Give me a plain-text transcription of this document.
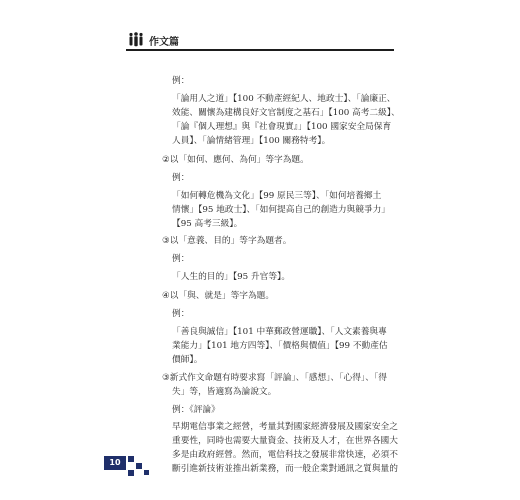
作文篇
例：
「論用人之道」【100 不動產經紀人、地政士】、「論廉正、
效能、關懷為建構良好文官制度之基石」【100 高考二級】、
「論『個人理想』與『社會現實』」【100 國家安全局保育
人員】、「論情緒管理」【100 關務特考】。
②以「如何、應何、為何」等字為題。
例：
「如何轉危機為文化」【99 原民三等】、「如何培養鄉土
情懷」【95 地政士】、「如何提高自己的創造力與競爭力」
【95 高考三級】。
③以「意義、目的」等字為題者。
例：
「人生的目的」【95 升官等】。
④以「與、就是」等字為題。
例：
「善良與誠信」【101 中華郵政營運職】、「人文素養與專
業能力」【101 地方四等】、「價格與價值」【99 不動產估
價師】。
③新式作文命題有時要求寫「評論」、「感想」、「心得」、「得
失」等，皆適寫為論說文。
例：《評論》
早期電信事業之經營，考量其對國家經濟發展及國家安全之
重要性，同時也需要大量資金、技術及人才，在世界各國大
多是由政府經營。然而，電信科技之發展非常快速，必須不
斷引進新技術並推出新業務，而一般企業對通訊之質與量的
10
